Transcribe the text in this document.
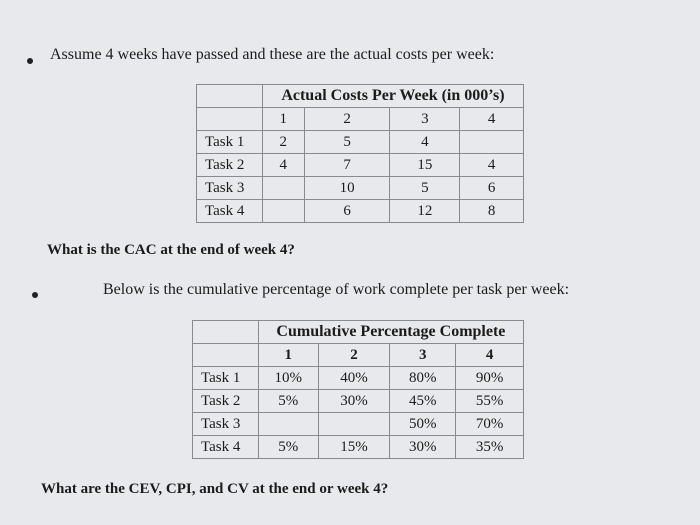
Assume 4 weeks have passed and these are the actual costs per week:
	Actual Costs Per Week (in 000’s)			
	1	2	3	4
Task 1	2	5	4	
Task 2	4	7	15	4
Task 3		10	5	6
Task 4		6	12	8
What is the CAC at the end of week 4?
Below is the cumulative percentage of work complete per task per week:
	Cumulative Percentage Complete			
	1	2	3	4
Task 1	10%	40%	80%	90%
Task 2	5%	30%	45%	55%
Task 3			50%	70%
Task 4	5%	15%	30%	35%
What are the CEV, CPI, and CV at the end or week 4?
